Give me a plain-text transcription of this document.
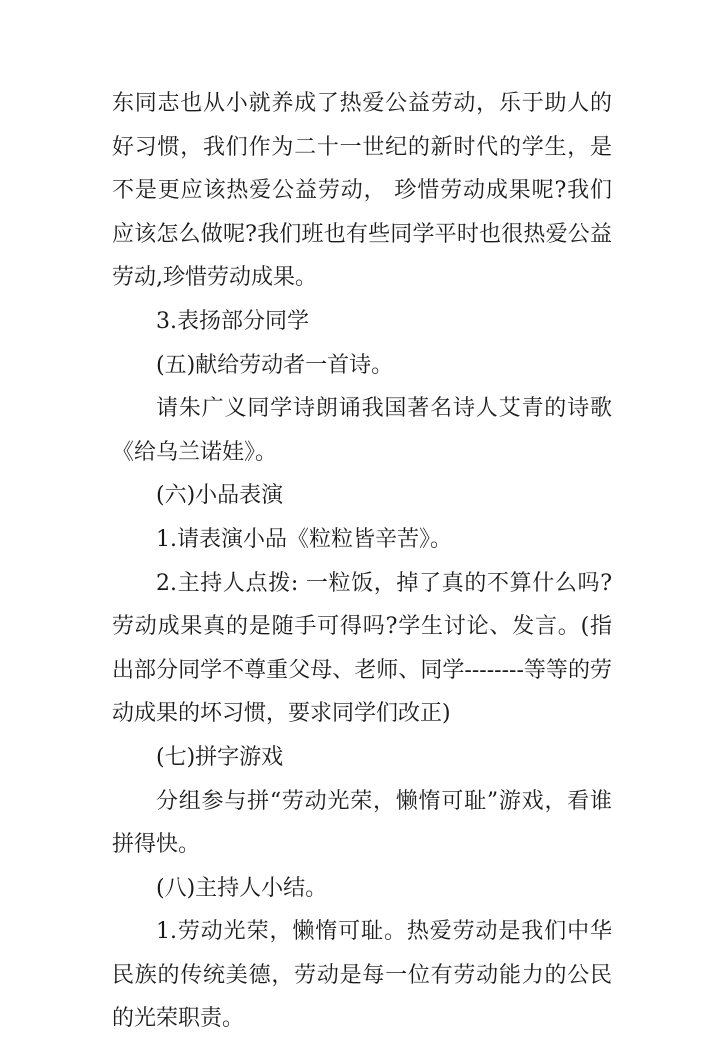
东同志也从小就养成了热爱公益劳动，乐于助人的好习惯，我们作为二十一世纪的新时代的学生，是不是更应该热爱公益劳动， 珍惜劳动成果呢?我们应该怎么做呢?我们班也有些同学平时也很热爱公益劳动,珍惜劳动成果。

3.表扬部分同学

(五)献给劳动者一首诗。

请朱广义同学诗朗诵我国著名诗人艾青的诗歌《给乌兰诺娃》。

(六)小品表演

1.请表演小品《粒粒皆辛苦》。

2.主持人点拨: 一粒饭，掉了真的不算什么吗?劳动成果真的是随手可得吗?学生讨论、发言。(指出部分同学不尊重父母、老师、同学--------等等的劳动成果的坏习惯，要求同学们改正)

(七)拼字游戏

分组参与拼“劳动光荣，懒惰可耻”游戏，看谁拼得快。

(八)主持人小结。

1.劳动光荣，懒惰可耻。热爱劳动是我们中华民族的传统美德，劳动是每一位有劳动能力的公民的光荣职责。
